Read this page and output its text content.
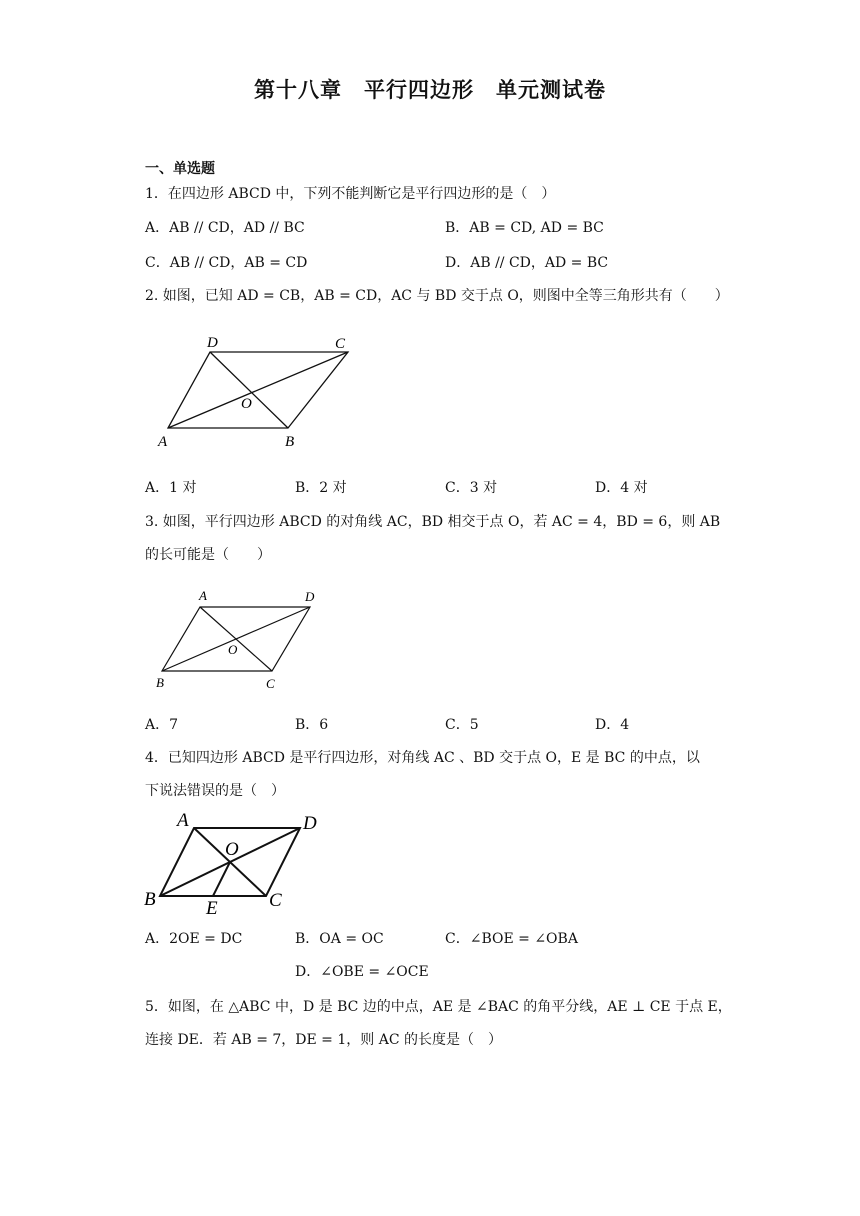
第十八章　平行四边形　单元测试卷
一、单选题
1．在四边形 ABCD 中，下列不能判断它是平行四边形的是（　）
A．AB // CD，AD // BC	B．AB = CD, AD = BC
C．AB // CD，AB = CD	D．AB // CD，AD = BC
2. 如图，已知 AD = CB，AB = CD，AC 与 BD 交于点 O，则图中全等三角形共有（　　）
D	C
O
A	B
A．1 对	B．2 对	C．3 对	D．4 对
3. 如图，平行四边形 ABCD 的对角线 AC，BD 相交于点 O，若 AC = 4，BD = 6，则 AB
的长可能是（　　）
A	D
O
B	C
A．7	B．6	C．5	D．4
4．已知四边形 ABCD 是平行四边形，对角线 AC 、BD 交于点 O，E 是 BC 的中点，以
下说法错误的是（　）
A	D
O
B	E	C
A．2OE = DC	B．OA = OC	C．∠BOE = ∠OBA
D．∠OBE = ∠OCE
5．如图，在 △ABC 中，D 是 BC 边的中点，AE 是 ∠BAC 的角平分线，AE ⊥ CE 于点 E，
连接 DE．若 AB = 7，DE = 1，则 AC 的长度是（　）
